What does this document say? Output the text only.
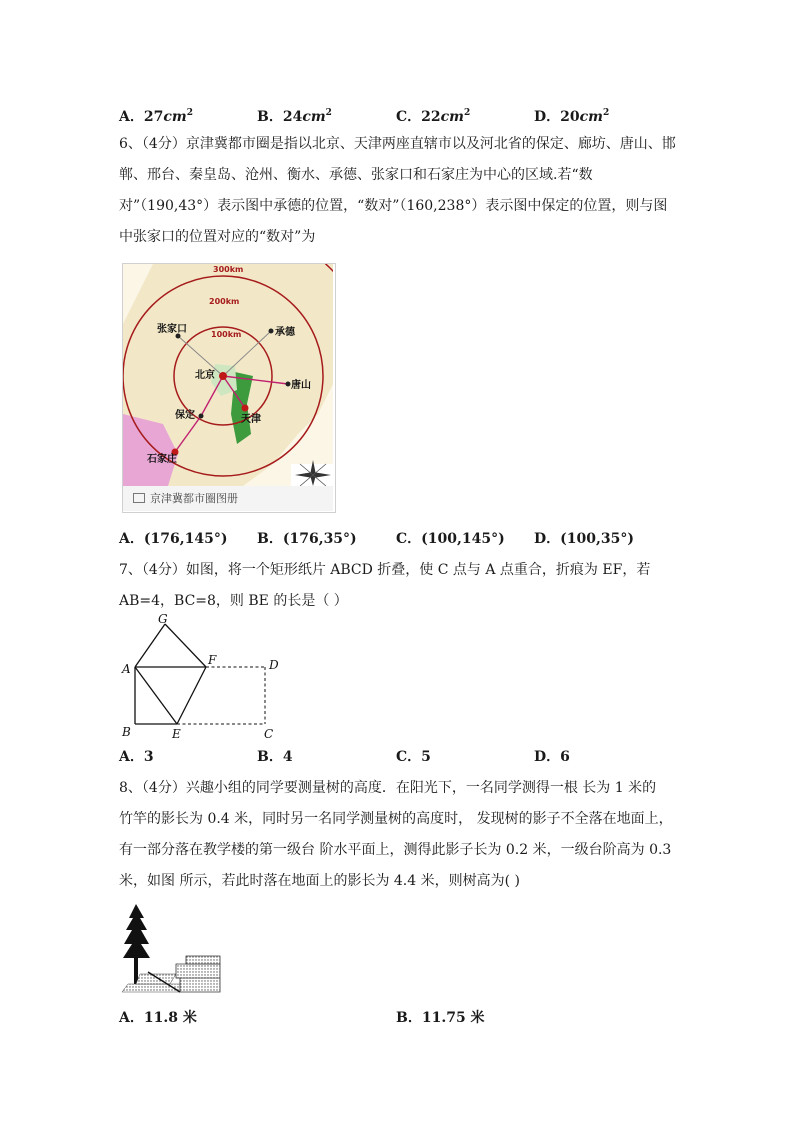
A．$27cm^2$	B．$24cm^2$	C．$22cm^2$	D．$20cm^2$
6、（4分）京津冀都市圈是指以北京、天津两座直辖市以及河北省的保定、廊坊、唐山、邯
郸、邢台、秦皇岛、沧州、衡水、承德、张家口和石家庄为中心的区域.若“数
对”（190,43°）表示图中承德的位置，“数对”（160,238°）表示图中保定的位置，则与图
中张家口的位置对应的“数对”为
300km
200km
100km
张家口	承德
北京
唐山
保定	天津
石家庄
京津冀都市圈图册
A．(176,145°) B．(176,35°)	C．(100,145°) D．(100,35°)
7、（4分）如图，将一个矩形纸片 ABCD 折叠，使 C 点与 A 点重合，折痕为 EF，若
AB=4，BC=8，则 BE 的长是（ ）
G
A
F	D
B	E	C
A．3	B．4	C．5	D．6
8、（4分）兴趣小组的同学要测量树的高度．在阳光下，一名同学测得一根 长为 1 米的
竹竿的影长为 0.4 米，同时另一名同学测量树的高度时， 发现树的影子不全落在地面上，
有一部分落在教学楼的第一级台 阶水平面上，测得此影子长为 0.2 米，一级台阶高为 0.3
米，如图 所示，若此时落在地面上的影长为 4.4 米，则树高为( )
A．11.8 米	B．11.75 米
